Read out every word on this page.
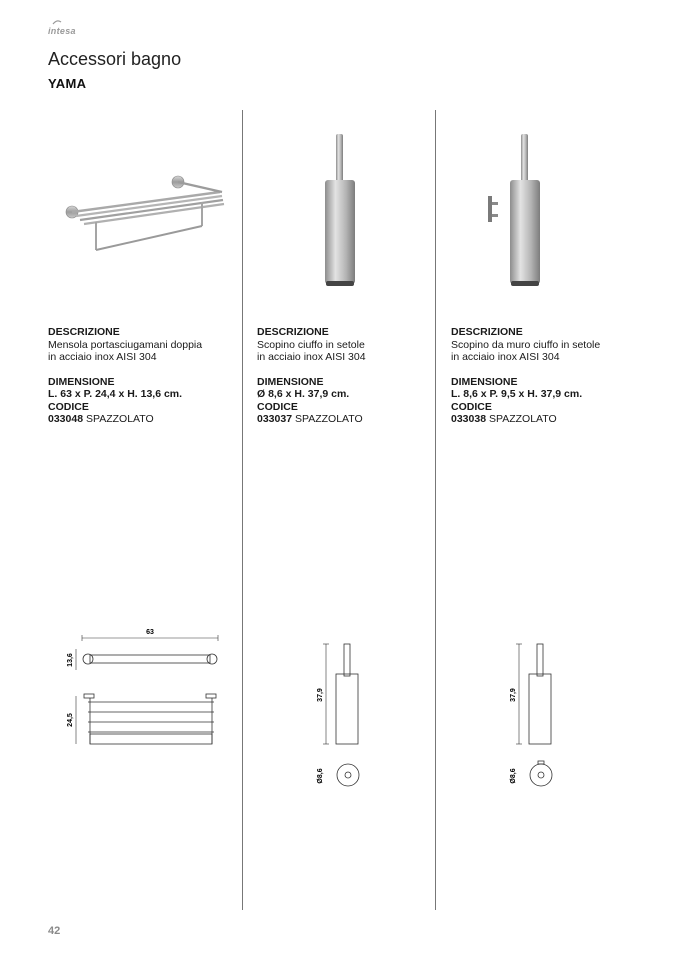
intesa
Accessori bagno
YAMA
DESCRIZIONE
Mensola portasciugamani doppia
in acciaio inox AISI 304
DIMENSIONE
L. 63 x P. 24,4 x H. 13,6 cm.
CODICE
033048 SPAZZOLATO
DESCRIZIONE
Scopino ciuffo in setole
in acciaio inox AISI 304
DIMENSIONE
Ø 8,6 x H. 37,9 cm.
CODICE
033037 SPAZZOLATO
DESCRIZIONE
Scopino da muro ciuffo in setole
in acciaio inox AISI 304
DIMENSIONE
L. 8,6 x P. 9,5 x H. 37,9 cm.
CODICE
033038 SPAZZOLATO
63
13,6
24,5
37,9
Ø8,6
37,9
Ø8,6
42
